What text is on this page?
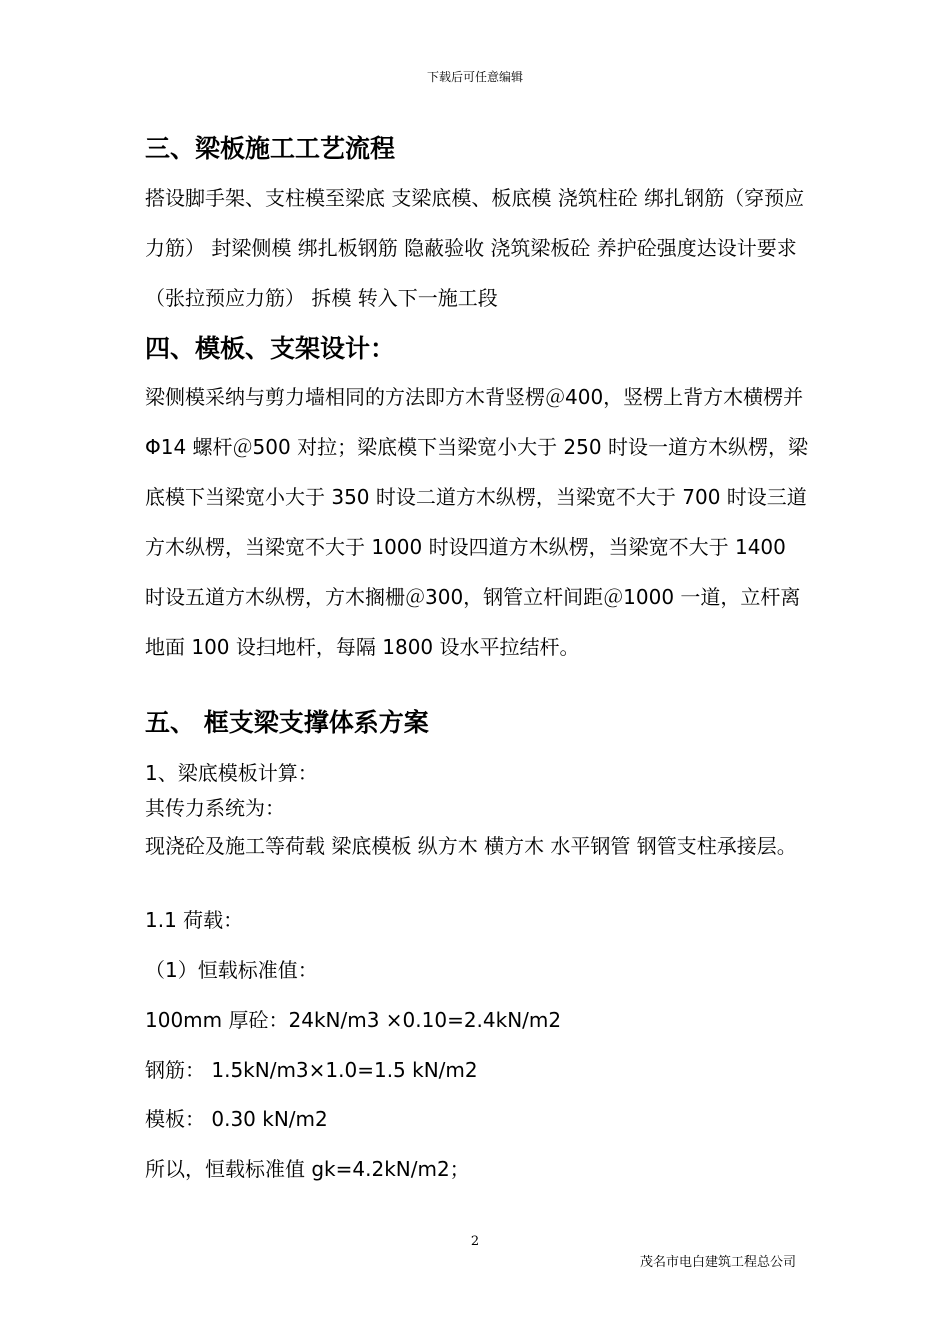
下载后可任意编辑
三、梁板施工工艺流程

搭设脚手架、支柱模至梁底 支梁底模、板底模 浇筑柱砼 绑扎钢筋（穿预应力筋） 封梁侧模 绑扎板钢筋 隐蔽验收 浇筑梁板砼 养护砼强度达设计要求 （张拉预应力筋） 拆模 转入下一施工段

四、模板、支架设计：

梁侧模采纳与剪力墙相同的方法即方木背竖楞＠400，竖楞上背方木横楞并Φ14 螺杆＠500 对拉；梁底模下当梁宽小大于 250 时设一道方木纵楞，梁底模下当梁宽小大于 350 时设二道方木纵楞，当梁宽不大于 700 时设三道方木纵楞，当梁宽不大于 1000 时设四道方木纵楞，当梁宽不大于 1400 时设五道方木纵楞，方木搁栅＠300，钢管立杆间距＠1000 一道，立杆离地面 100 设扫地杆，每隔 1800 设水平拉结杆。

五、 框支梁支撑体系方案
1、梁底模板计算：
其传力系统为：

现浇砼及施工等荷载 梁底模板 纵方木 横方木 水平钢管 钢管支柱承接层。

1.1 荷载：
（1）恒载标准值：
100mm 厚砼：24kN/m3 ×0.10=2.4kN/m2
钢筋： 1.5kN/m3×1.0=1.5 kN/m2
模板： 0.30 kN/m2
所以，恒载标准值 gk=4.2kN/m2；
2
茂名市电白建筑工程总公司
